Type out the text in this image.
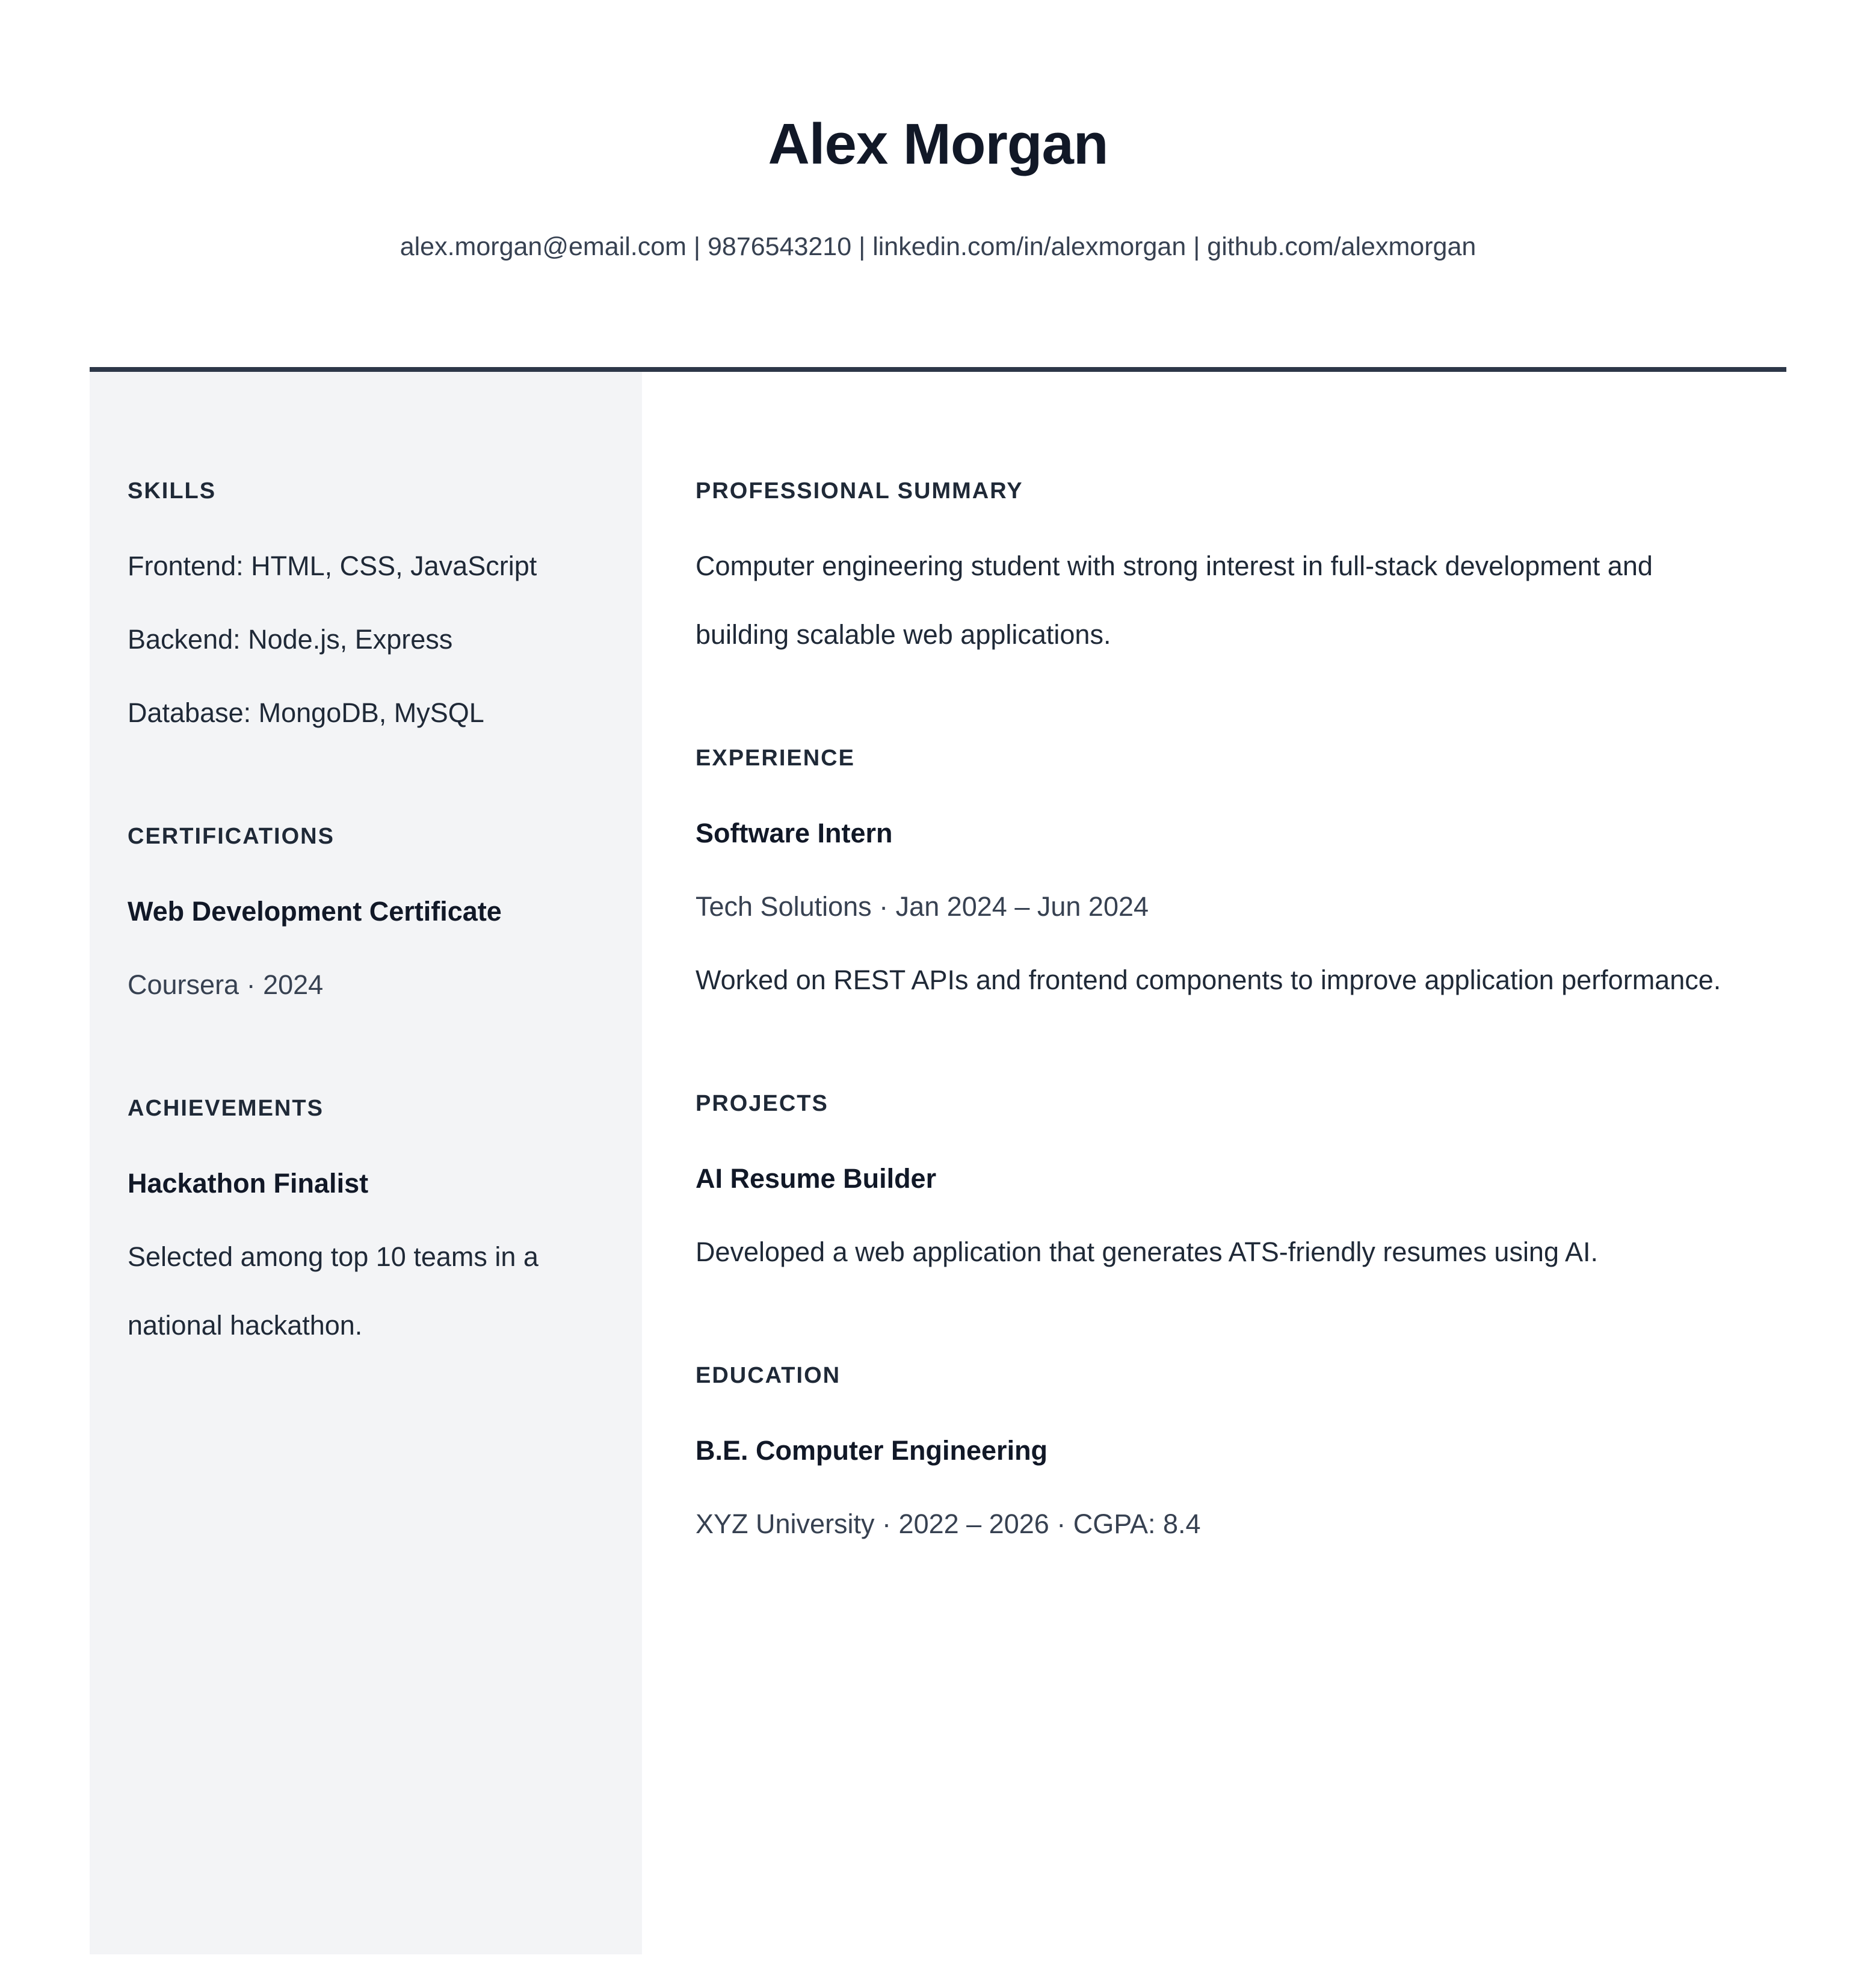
Alex Morgan
alex.morgan@email.com | 9876543210 | linkedin.com/in/alexmorgan | github.com/alexmorgan
SKILLS

Frontend: HTML, CSS, JavaScript

Backend: Node.js, Express

Database: MongoDB, MySQL

CERTIFICATIONS

Web Development Certificate

Coursera · 2024

ACHIEVEMENTS

Hackathon Finalist

Selected among top 10 teams in a national hackathon.

PROFESSIONAL SUMMARY

Computer engineering student with strong interest in full-stack development and building scalable web applications.

EXPERIENCE

Software Intern

Tech Solutions · Jan 2024 – Jun 2024

Worked on REST APIs and frontend components to improve application performance.

PROJECTS

AI Resume Builder

Developed a web application that generates ATS-friendly resumes using AI.

EDUCATION

B.E. Computer Engineering

XYZ University · 2022 – 2026 · CGPA: 8.4
